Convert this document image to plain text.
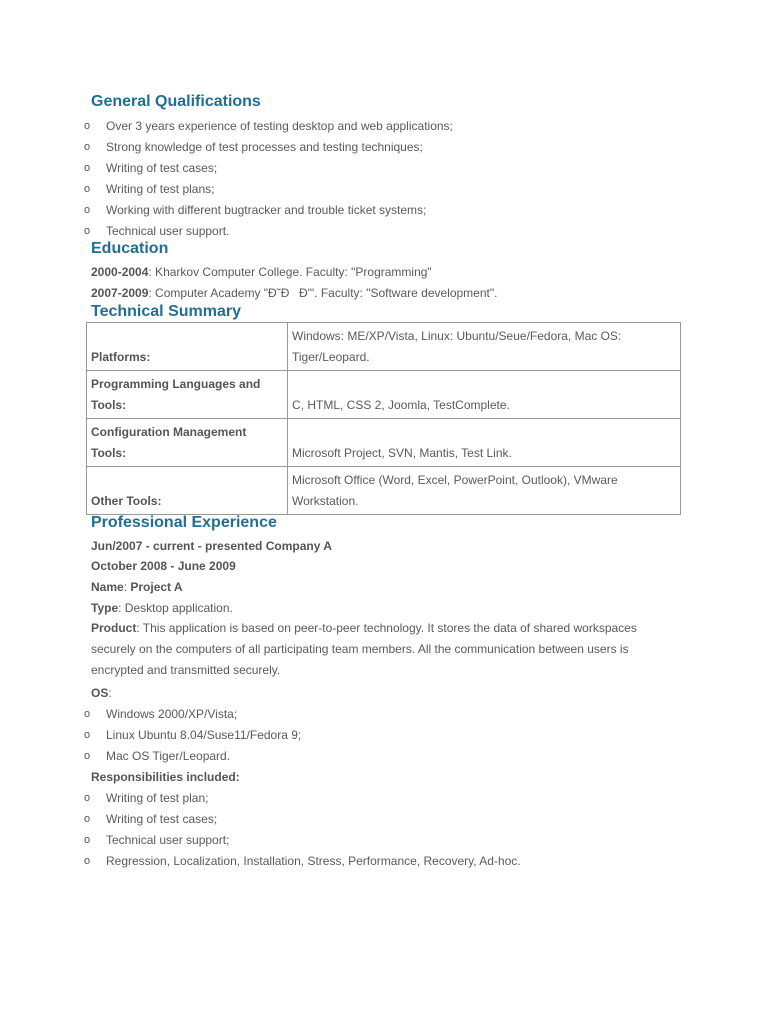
General Qualifications
o Over 3 years experience of testing desktop and web applications;
o Strong knowledge of test processes and testing techniques;
o Writing of test cases;
o Writing of test plans;
o Working with different bugtracker and trouble ticket systems;
o Technical user support.
Education
2000-2004: Kharkov Computer College. Faculty: "Programming"
2007-2009: Computer Academy "Ð˜ÐÐ'". Faculty: "Software development".
Technical Summary
Platforms:	Windows: ME/XP/Vista, Linux: Ubuntu/Seue/Fedora, Mac OS: Tiger/Leopard.
Programming Languages and Tools:	C, HTML, CSS 2, Joomla, TestComplete.
Configuration Management Tools:	Microsoft Project, SVN, Mantis, Test Link.
Other Tools:	Microsoft Office (Word, Excel, PowerPoint, Outlook), VMware Workstation.
Professional Experience
Jun/2007 - current - presented Company A
October 2008 - June 2009
Name: Project A
Type: Desktop application.
Product: This application is based on peer-to-peer technology. It stores the data of shared workspaces securely on the computers of all participating team members. All the communication between users is encrypted and transmitted securely.
OS:
o Windows 2000/XP/Vista;
o Linux Ubuntu 8.04/Suse11/Fedora 9;
o Mac OS Tiger/Leopard.
Responsibilities included:
o Writing of test plan;
o Writing of test cases;
o Technical user support;
o Regression, Localization, Installation, Stress, Performance, Recovery, Ad-hoc.
